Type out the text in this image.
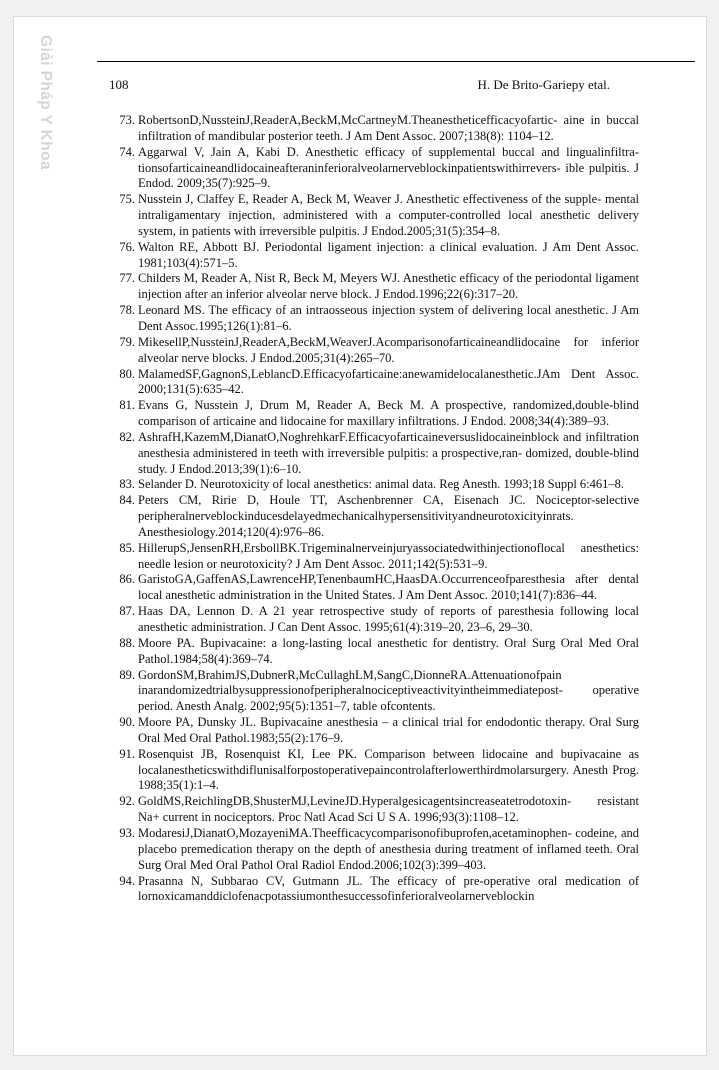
Giải Pháp Y Khoa	108	H. De Brito-Gariepy etal.
73. RobertsonD,NussteinJ,ReaderA,BeckM,McCartneyM.Theanestheticefficacyofartic- aine in buccal infiltration of mandibular posterior teeth. J Am Dent Assoc. 2007;138(8): 1104–12.
74. Aggarwal V, Jain A, Kabi D. Anesthetic efficacy of supplemental buccal and lingualinfiltra- tionsofarticaineandlidocaineafteraninferioralveolarnerveblockinpatientswithirrevers- ible pulpitis. J Endod. 2009;35(7):925–9.
75. Nusstein J, Claffey E, Reader A, Beck M, Weaver J. Anesthetic effectiveness of the supple- mental intraligamentary injection, administered with a computer-controlled local anesthetic delivery system, in patients with irreversible pulpitis. J Endod.2005;31(5):354–8.
76. Walton RE, Abbott BJ. Periodontal ligament injection: a clinical evaluation. J Am Dent Assoc. 1981;103(4):571–5.
77. Childers M, Reader A, Nist R, Beck M, Meyers WJ. Anesthetic efficacy of the periodontal ligament injection after an inferior alveolar nerve block. J Endod.1996;22(6):317–20.
78. Leonard MS. The efficacy of an intraosseous injection system of delivering local anesthetic. J Am Dent Assoc.1995;126(1):81–6.
79. MikesellP,NussteinJ,ReaderA,BeckM,WeaverJ.Acomparisonofarticaineandlidocaine for inferior alveolar nerve blocks. J Endod.2005;31(4):265–70.
80. MalamedSF,GagnonS,LeblancD.Efficacyofarticaine:anewamidelocalanesthetic.JAm Dent Assoc. 2000;131(5):635–42.
81. Evans G, Nusstein J, Drum M, Reader A, Beck M. A prospective, randomized,double-blind comparison of articaine and lidocaine for maxillary infiltrations. J Endod. 2008;34(4):389–93.
82. AshrafH,KazemM,DianatO,NoghrehkarF.Efficacyofarticaineversuslidocaineinblock and infiltration anesthesia administered in teeth with irreversible pulpitis: a prospective,ran- domized, double-blind study. J Endod.2013;39(1):6–10.
83. Selander D. Neurotoxicity of local anesthetics: animal data. Reg Anesth. 1993;18 Suppl 6:461–8.
84. Peters CM, Ririe D, Houle TT, Aschenbrenner CA, Eisenach JC. Nociceptor-selective peripheralnerveblockinducesdelayedmechanicalhypersensitivityandneurotoxicityinrats. Anesthesiology.2014;120(4):976–86.
85. HillerupS,JensenRH,ErsbollBK.Trigeminalnerveinjuryassociatedwithinjectionoflocal anesthetics: needle lesion or neurotoxicity? J Am Dent Assoc. 2011;142(5):531–9.
86. GaristoGA,GaffenAS,LawrenceHP,TenenbaumHC,HaasDA.Occurrenceofparesthesia after dental local anesthetic administration in the United States. J Am Dent Assoc. 2010;141(7):836–44.
87. Haas DA, Lennon D. A 21 year retrospective study of reports of paresthesia following local anesthetic administration. J Can Dent Assoc. 1995;61(4):319–20, 23–6, 29–30.
88. Moore PA. Bupivacaine: a long-lasting local anesthetic for dentistry. Oral Surg Oral Med Oral Pathol.1984;58(4):369–74.
89. GordonSM,BrahimJS,DubnerR,McCullaghLM,SangC,DionneRA.Attenuationofpain inarandomizedtrialbysuppressionofperipheralnociceptiveactivityintheimmediatepost- operative period. Anesth Analg. 2002;95(5):1351–7, table ofcontents.
90. Moore PA, Dunsky JL. Bupivacaine anesthesia – a clinical trial for endodontic therapy. Oral Surg Oral Med Oral Pathol.1983;55(2):176–9.
91. Rosenquist JB, Rosenquist KI, Lee PK. Comparison between lidocaine and bupivacaine as localanestheticswithdiflunisalforpostoperativepaincontrolafterlowerthirdmolarsurgery. Anesth Prog. 1988;35(1):1–4.
92. GoldMS,ReichlingDB,ShusterMJ,LevineJD.Hyperalgesicagentsincreaseatetrodotoxin- resistant Na+ current in nociceptors. Proc Natl Acad Sci U S A. 1996;93(3):1108–12.
93. ModaresiJ,DianatO,MozayeniMA.Theefficacycomparisonofibuprofen,acetaminophen- codeine, and placebo premedication therapy on the depth of anesthesia during treatment of inflamed teeth. Oral Surg Oral Med Oral Pathol Oral Radiol Endod.2006;102(3):399–403.
94. Prasanna N, Subbarao CV, Gutmann JL. The efficacy of pre-operative oral medication of lornoxicamanddiclofenacpotassiumonthesuccessofinferioralveolarnerveblockin
